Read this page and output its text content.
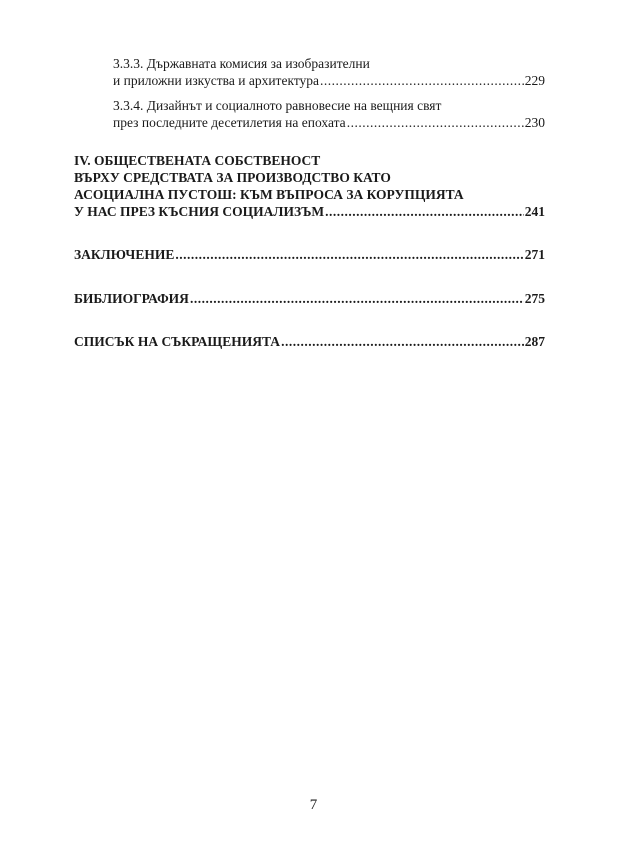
3.3.3. Държавната комисия за изобразителни
и приложни изкуства и архитектура .....	229
3.3.4. Дизайнът и социалното равновесие на вещния свят
през последните десетилетия на епохата .....	230
IV. ОБЩЕСТВЕНАТА СОБСТВЕНОСТ
ВЪРХУ СРЕДСТВАТА ЗА ПРОИЗВОДСТВО КАТО
АСОЦИАЛНА ПУСТОШ: КЪМ ВЪПРОСА ЗА КОРУПЦИЯТА
У НАС ПРЕЗ КЪСНИЯ СОЦИАЛИЗЪМ .....	241
ЗАКЛЮЧЕНИЕ .....	271
БИБЛИОГРАФИЯ .....	275
СПИСЪК НА СЪКРАЩЕНИЯТА .....	287
7
